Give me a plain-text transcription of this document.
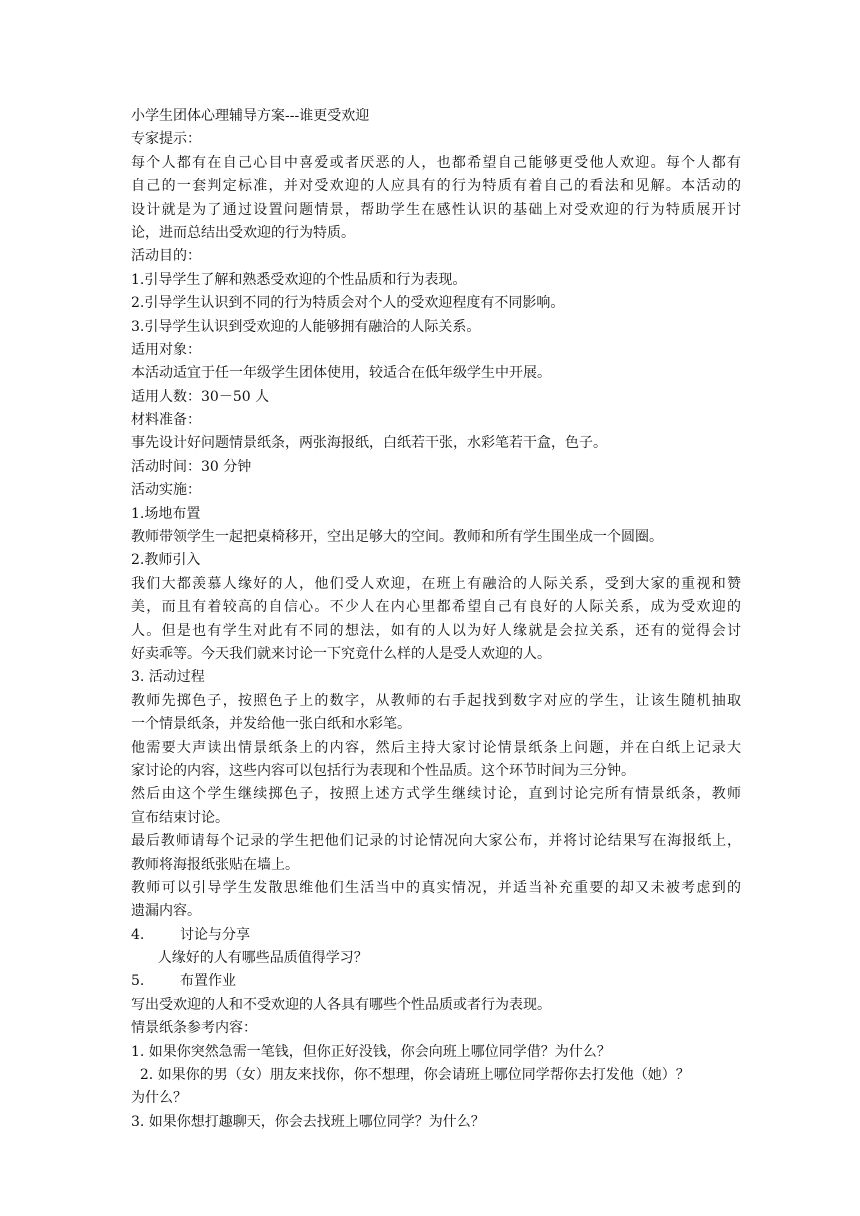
小学生团体心理辅导方案---谁更受欢迎
专家提示：
每个人都有在自己心目中喜爱或者厌恶的人，也都希望自己能够更受他人欢迎。每个人都有
自己的一套判定标准，并对受欢迎的人应具有的行为特质有着自己的看法和见解。本活动的
设计就是为了通过设置问题情景，帮助学生在感性认识的基础上对受欢迎的行为特质展开讨
论，进而总结出受欢迎的行为特质。
活动目的：
1.引导学生了解和熟悉受欢迎的个性品质和行为表现。
2.引导学生认识到不同的行为特质会对个人的受欢迎程度有不同影响。
3.引导学生认识到受欢迎的人能够拥有融洽的人际关系。
适用对象：
本活动适宜于任一年级学生团体使用，较适合在低年级学生中开展。
适用人数：30－50 人
材料准备：
事先设计好问题情景纸条，两张海报纸，白纸若干张，水彩笔若干盒，色子。
活动时间：30 分钟
活动实施：
1.场地布置
教师带领学生一起把桌椅移开，空出足够大的空间。教师和所有学生围坐成一个圆圈。
2.教师引入
我们大都羡慕人缘好的人，他们受人欢迎，在班上有融洽的人际关系，受到大家的重视和赞
美，而且有着较高的自信心。不少人在内心里都希望自己有良好的人际关系，成为受欢迎的
人。但是也有学生对此有不同的想法，如有的人以为好人缘就是会拉关系，还有的觉得会讨
好卖乖等。今天我们就来讨论一下究竟什么样的人是受人欢迎的人。
3. 活动过程
教师先掷色子，按照色子上的数字，从教师的右手起找到数字对应的学生，让该生随机抽取
一个情景纸条，并发给他一张白纸和水彩笔。
他需要大声读出情景纸条上的内容，然后主持大家讨论情景纸条上问题，并在白纸上记录大
家讨论的内容，这些内容可以包括行为表现和个性品质。这个环节时间为三分钟。
然后由这个学生继续掷色子，按照上述方式学生继续讨论，直到讨论完所有情景纸条，教师
宣布结束讨论。
最后教师请每个记录的学生把他们记录的讨论情况向大家公布，并将讨论结果写在海报纸上，
教师将海报纸张贴在墙上。
教师可以引导学生发散思维他们生活当中的真实情况，并适当补充重要的却又未被考虑到的
遗漏内容。
4.        讨论与分享
人缘好的人有哪些品质值得学习？
5.        布置作业
写出受欢迎的人和不受欢迎的人各具有哪些个性品质或者行为表现。
情景纸条参考内容：
1. 如果你突然急需一笔钱，但你正好没钱，你会向班上哪位同学借？为什么？
2. 如果你的男（女）朋友来找你，你不想理，你会请班上哪位同学帮你去打发他（她）？
为什么？
3. 如果你想打趣聊天，你会去找班上哪位同学？为什么？
